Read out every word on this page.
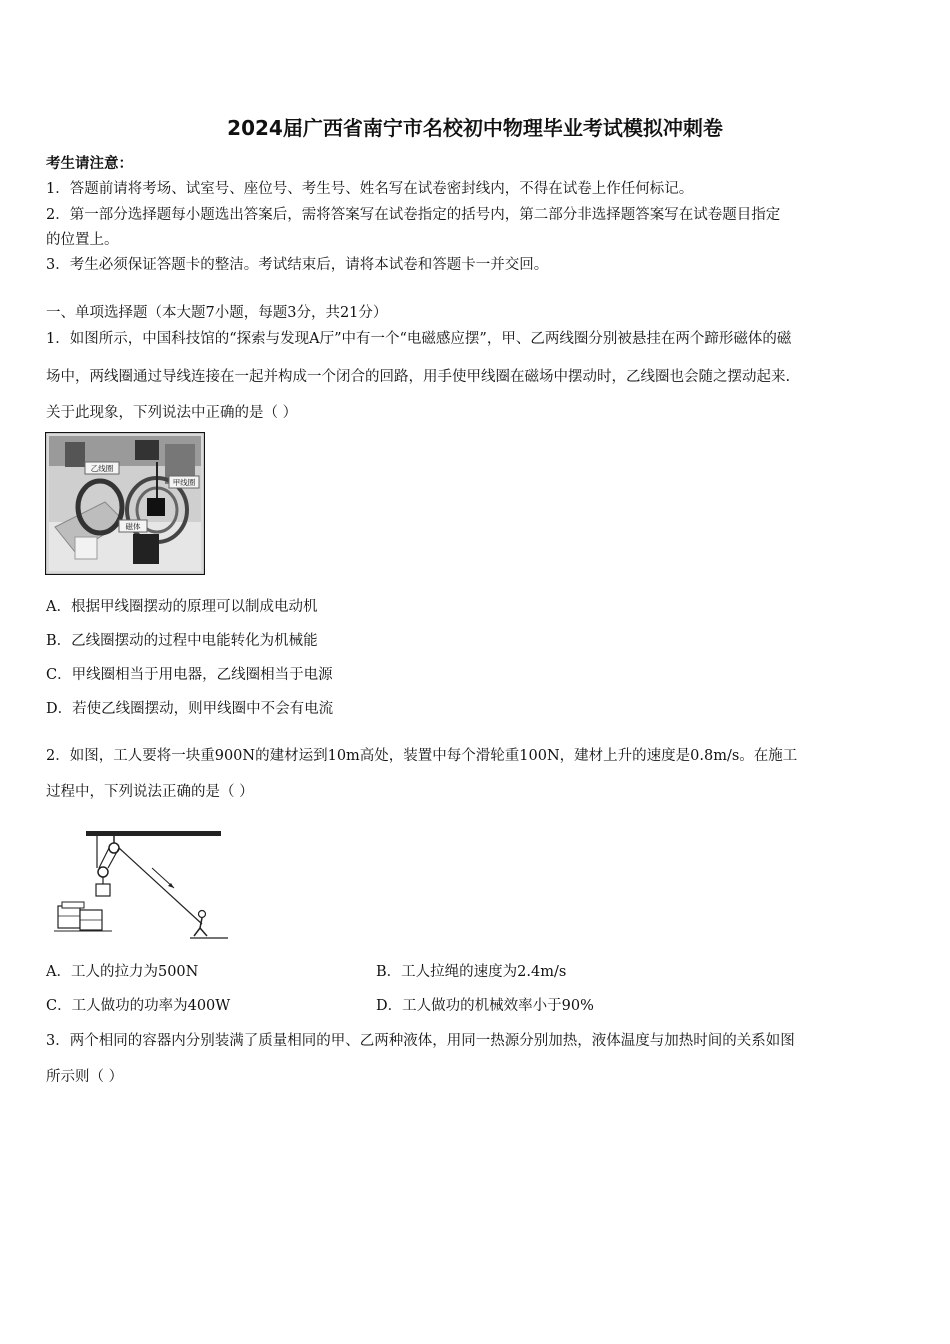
2024届广西省南宁市名校初中物理毕业考试模拟冲刺卷
考生请注意：
1．答题前请将考场、试室号、座位号、考生号、姓名写在试卷密封线内，不得在试卷上作任何标记。
2．第一部分选择题每小题选出答案后，需将答案写在试卷指定的括号内，第二部分非选择题答案写在试卷题目指定
的位置上。
3．考生必须保证答题卡的整洁。考试结束后，请将本试卷和答题卡一并交回。
一、单项选择题（本大题7小题，每题3分，共21分）
1．如图所示，中国科技馆的“探索与发现A厅”中有一个“电磁感应摆”，甲、乙两线圈分别被悬挂在两个蹄形磁体的磁
场中，两线圈通过导线连接在一起并构成一个闭合的回路，用手使甲线圈在磁场中摆动时，乙线圈也会随之摆动起来.
关于此现象，下列说法中正确的是（ ）
乙线圈
甲线圈
磁体
A．根据甲线圈摆动的原理可以制成电动机
B．乙线圈摆动的过程中电能转化为机械能
C．甲线圈相当于用电器，乙线圈相当于电源
D．若使乙线圈摆动，则甲线圈中不会有电流
2．如图，工人要将一块重900N的建材运到10m高处，装置中每个滑轮重100N，建材上升的速度是0.8m/s。在施工
过程中，下列说法正确的是（ ）
A．工人的拉力为500N	B．工人拉绳的速度为2.4m/s
C．工人做功的功率为400W	D．工人做功的机械效率小于90%
3．两个相同的容器内分别装满了质量相同的甲、乙两种液体，用同一热源分别加热，液体温度与加热时间的关系如图
所示则（ ）
